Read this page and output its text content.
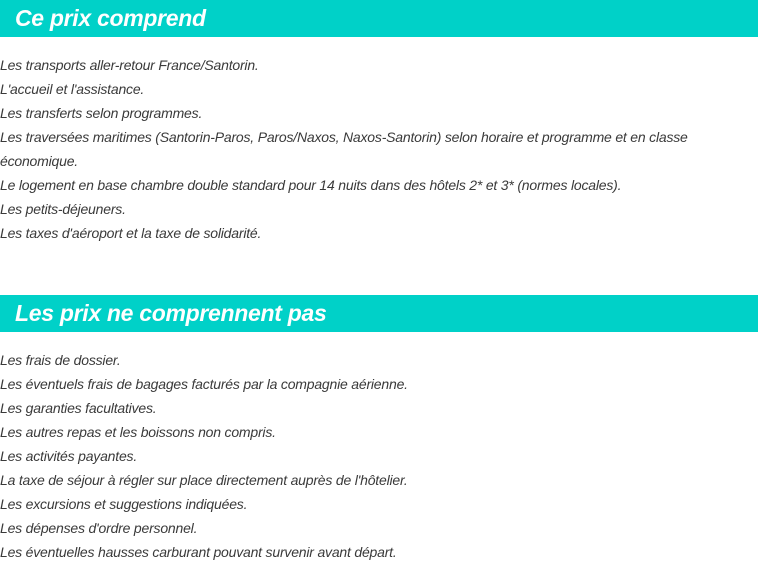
Ce prix comprend
Les transports aller-retour France/Santorin.
L'accueil et l'assistance.
Les transferts selon programmes.
Les traversées maritimes (Santorin-Paros, Paros/Naxos, Naxos-Santorin) selon horaire et programme et en classe économique.
Le logement en base chambre double standard pour 14 nuits dans des hôtels 2* et 3* (normes locales).
Les petits-déjeuners.
Les taxes d'aéroport et la taxe de solidarité.
Les prix ne comprennent pas
Les frais de dossier.
Les éventuels frais de bagages facturés par la compagnie aérienne.
Les garanties facultatives.
Les autres repas et les boissons non compris.
Les activités payantes.
La taxe de séjour à régler sur place directement auprès de l'hôtelier.
Les excursions et suggestions indiquées.
Les dépenses d'ordre personnel.
Les éventuelles hausses carburant pouvant survenir avant départ.
